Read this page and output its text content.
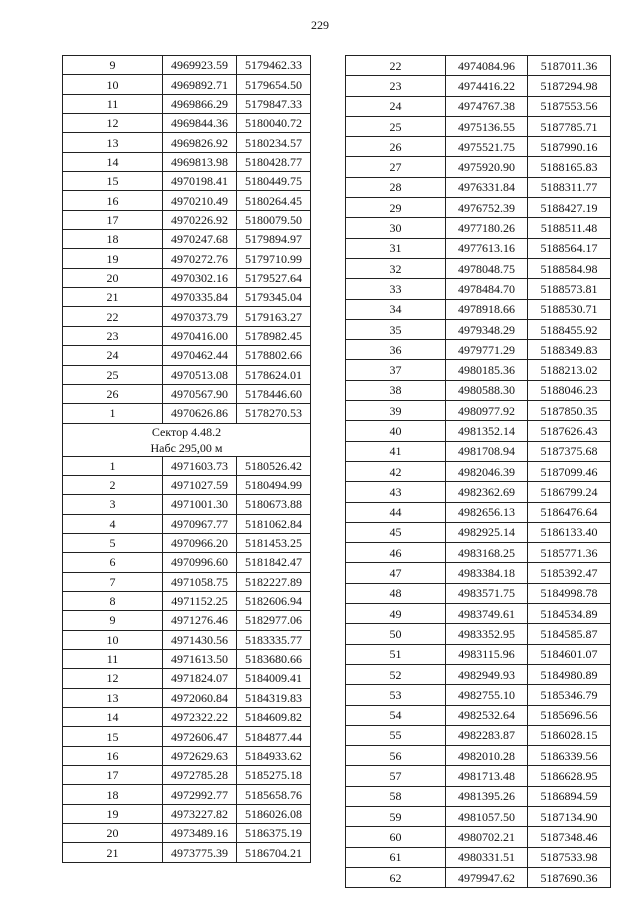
229
9	4969923.59	5179462.33
10	4969892.71	5179654.50
11	4969866.29	5179847.33
12	4969844.36	5180040.72
13	4969826.92	5180234.57
14	4969813.98	5180428.77
15	4970198.41	5180449.75
16	4970210.49	5180264.45
17	4970226.92	5180079.50
18	4970247.68	5179894.97
19	4970272.76	5179710.99
20	4970302.16	5179527.64
21	4970335.84	5179345.04
22	4970373.79	5179163.27
23	4970416.00	5178982.45
24	4970462.44	5178802.66
25	4970513.08	5178624.01
26	4970567.90	5178446.60
1	4970626.86	5178270.53

Сектор 4.48.2
Набс 295,00 м		

1	4971603.73	5180526.42
2	4971027.59	5180494.99
3	4971001.30	5180673.88
4	4970967.77	5181062.84
5	4970966.20	5181453.25
6	4970996.60	5181842.47
7	4971058.75	5182227.89
8	4971152.25	5182606.94
9	4971276.46	5182977.06
10	4971430.56	5183335.77
11	4971613.50	5183680.66
12	4971824.07	5184009.41
13	4972060.84	5184319.83
14	4972322.22	5184609.82
15	4972606.47	5184877.44
16	4972629.63	5184933.62
17	4972785.28	5185275.18
18	4972992.77	5185658.76
19	4973227.82	5186026.08
20	4973489.16	5186375.19
21	4973775.39	5186704.21
22	4974084.96	5187011.36
23	4974416.22	5187294.98
24	4974767.38	5187553.56
25	4975136.55	5187785.71
26	4975521.75	5187990.16
27	4975920.90	5188165.83
28	4976331.84	5188311.77
29	4976752.39	5188427.19
30	4977180.26	5188511.48
31	4977613.16	5188564.17
32	4978048.75	5188584.98
33	4978484.70	5188573.81
34	4978918.66	5188530.71
35	4979348.29	5188455.92
36	4979771.29	5188349.83
37	4980185.36	5188213.02
38	4980588.30	5188046.23
39	4980977.92	5187850.35
40	4981352.14	5187626.43
41	4981708.94	5187375.68
42	4982046.39	5187099.46
43	4982362.69	5186799.24
44	4982656.13	5186476.64
45	4982925.14	5186133.40
46	4983168.25	5185771.36
47	4983384.18	5185392.47
48	4983571.75	5184998.78
49	4983749.61	5184534.89
50	4983352.95	5184585.87
51	4983115.96	5184601.07
52	4982949.93	5184980.89
53	4982755.10	5185346.79
54	4982532.64	5185696.56
55	4982283.87	5186028.15
56	4982010.28	5186339.56
57	4981713.48	5186628.95
58	4981395.26	5186894.59
59	4981057.50	5187134.90
60	4980702.21	5187348.46
61	4980331.51	5187533.98
62	4979947.62	5187690.36
